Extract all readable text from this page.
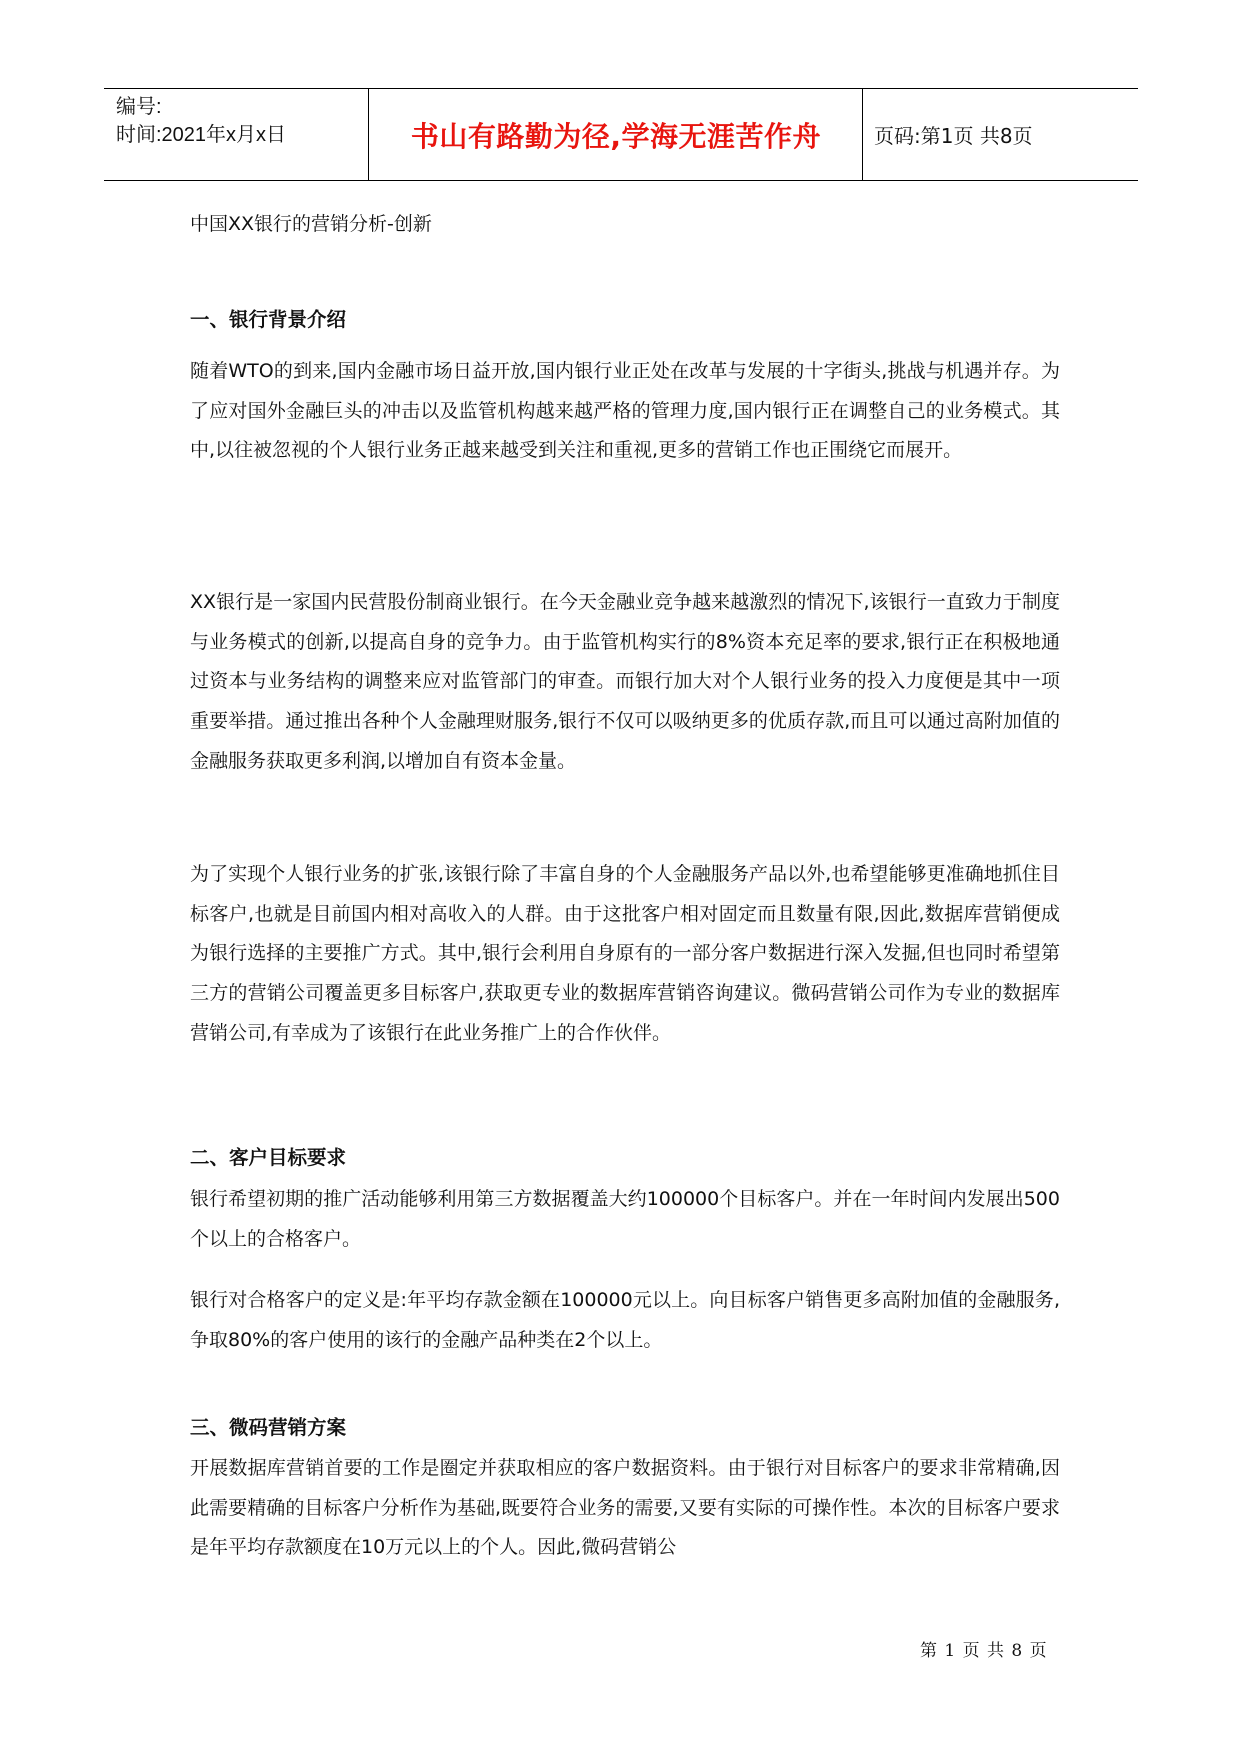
编号:
时间:2021年x月x日	书山有路勤为径,学海无涯苦作舟	页码:第1页 共8页
中国XX银行的营销分析-创新
一、银行背景介绍

随着WTO的到来,国内金融市场日益开放,国内银行业正处在改革与发展的十字街头,挑战与机遇并存。为了应对国外金融巨头的冲击以及监管机构越来越严格的管理力度,国内银行正在调整自己的业务模式。其中,以往被忽视的个人银行业务正越来越受到关注和重视,更多的营销工作也正围绕它而展开。

XX银行是一家国内民营股份制商业银行。在今天金融业竞争越来越激烈的情况下,该银行一直致力于制度与业务模式的创新,以提高自身的竞争力。由于监管机构实行的8%资本充足率的要求,银行正在积极地通过资本与业务结构的调整来应对监管部门的审查。而银行加大对个人银行业务的投入力度便是其中一项重要举措。通过推出各种个人金融理财服务,银行不仅可以吸纳更多的优质存款,而且可以通过高附加值的金融服务获取更多利润,以增加自有资本金量。

为了实现个人银行业务的扩张,该银行除了丰富自身的个人金融服务产品以外,也希望能够更准确地抓住目标客户,也就是目前国内相对高收入的人群。由于这批客户相对固定而且数量有限,因此,数据库营销便成为银行选择的主要推广方式。其中,银行会利用自身原有的一部分客户数据进行深入发掘,但也同时希望第三方的营销公司覆盖更多目标客户,获取更专业的数据库营销咨询建议。微码营销公司作为专业的数据库营销公司,有幸成为了该银行在此业务推广上的合作伙伴。

二、客户目标要求

银行希望初期的推广活动能够利用第三方数据覆盖大约100000个目标客户。并在一年时间内发展出500个以上的合格客户。

银行对合格客户的定义是:年平均存款金额在100000元以上。向目标客户销售更多高附加值的金融服务,争取80%的客户使用的该行的金融产品种类在2个以上。

三、微码营销方案

开展数据库营销首要的工作是圈定并获取相应的客户数据资料。由于银行对目标客户的要求非常精确,因此需要精确的目标客户分析作为基础,既要符合业务的需要,又要有实际的可操作性。本次的目标客户要求是年平均存款额度在10万元以上的个人。因此,微码营销公

第 1 页 共 8 页
